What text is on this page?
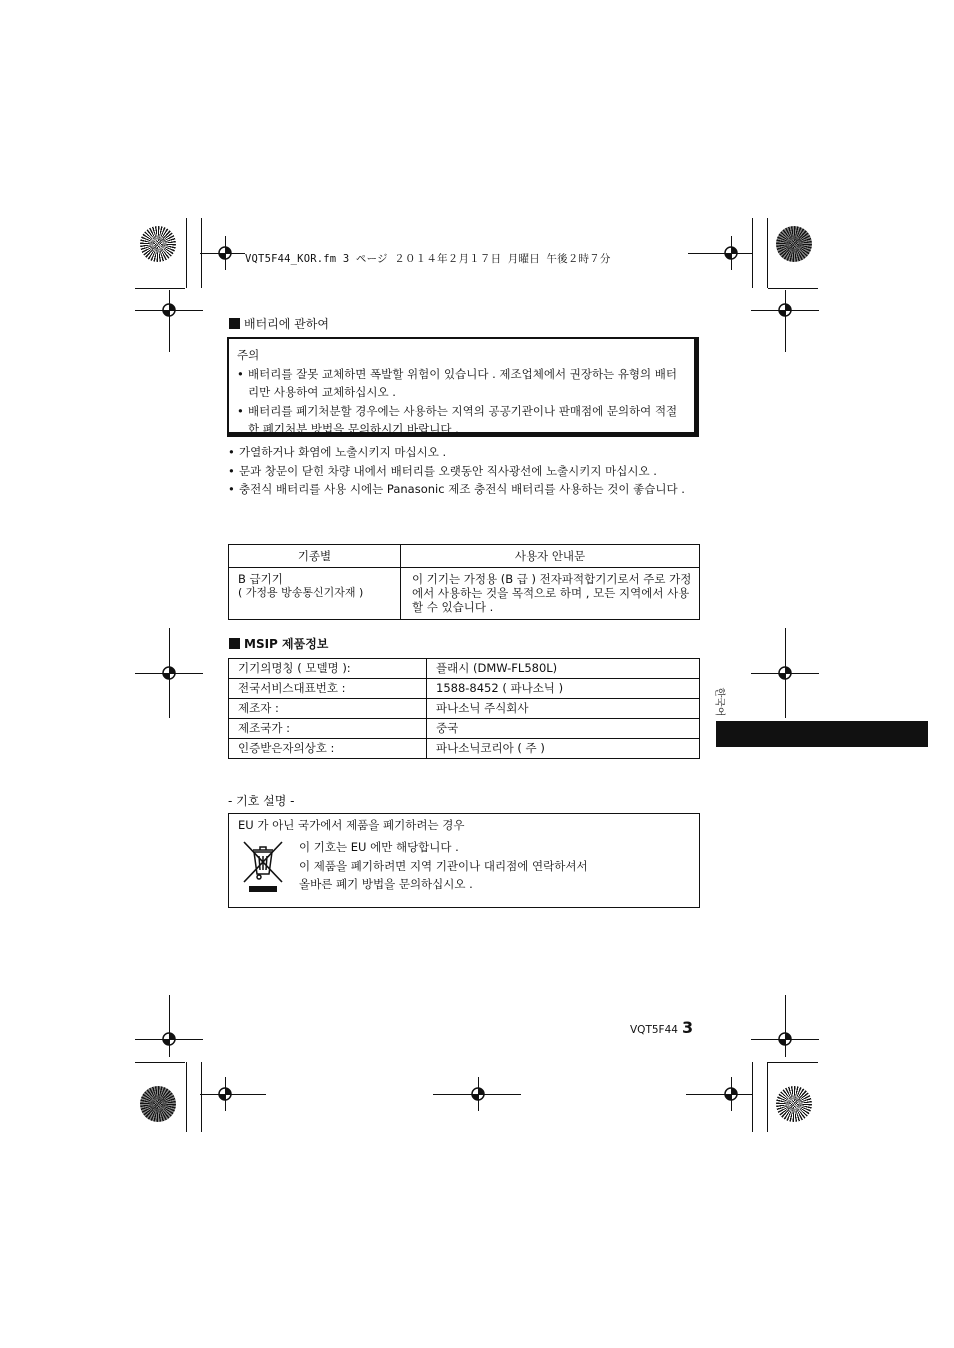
VQT5F44_KOR.fm 3 ページ ２０１４年２月１７日 月曜日 午後２時７分
배터리에 관하여
주의
• 배터리를 잘못 교체하면 폭발할 위험이 있습니다 . 제조업체에서 권장하는 유형의 배터리만 사용하여 교체하십시오 .
• 배터리를 폐기처분할 경우에는 사용하는 지역의 공공기관이나 판매점에 문의하여 적절한 폐기처분 방법을 문의하시기 바랍니다 .
• 가열하거나 화염에 노출시키지 마십시오 .
• 문과 창문이 닫힌 차량 내에서 배터리를 오랫동안 직사광선에 노출시키지 마십시오 .
• 충전식 배터리를 사용 시에는 Panasonic 제조 충전식 배터리를 사용하는 것이 좋습니다 .
기종별	사용자 안내문

B 급기기
( 가정용 방송통신기자재 )	이 기기는 가정용 (B 급 ) 전자파적합기기로서 주로 가정에서 사용하는 것을 목적으로 하며 , 모든 지역에서 사용할 수 있습니다 .
MSIP 제품정보
기기의명칭 ( 모델명 ):	플래시 (DMW-FL580L)
전국서비스대표번호 :	1588-8452 ( 파나소닉 )
제조자 :	파나소닉 주식회사
제조국가 :	중국
인증받은자의상호 :	파나소닉코리아 ( 주 )
- 기호 설명 -
EU 가 아닌 국가에서 제품을 폐기하려는 경우
이 기호는 EU 에만 해당합니다 .
이 제품을 폐기하려면 지역 기관이나 대리점에 연락하셔서
올바른 폐기 방법을 문의하십시오 .
한국어
VQT5F44 3
